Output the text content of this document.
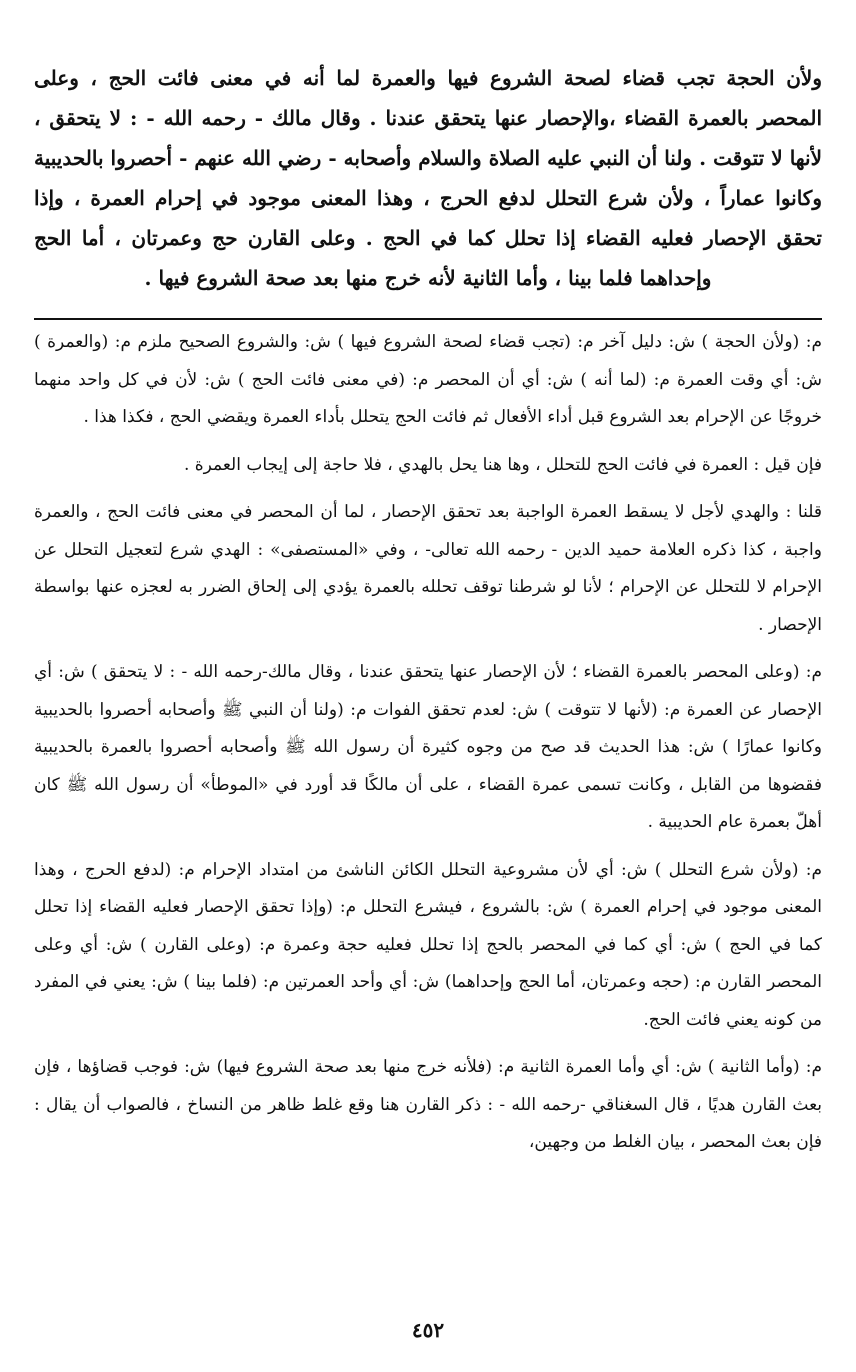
ولأن الحجة تجب قضاء لصحة الشروع فيها والعمرة لما أنه في معنى فائت الحج ، وعلى المحصر بالعمرة القضاء ،والإحصار عنها يتحقق عندنا . وقال مالك - رحمه الله - : لا يتحقق ، لأنها لا تتوقت . ولنا أن النبي عليه الصلاة والسلام وأصحابه - رضي الله عنهم - أحصروا بالحديبية وكانوا عماراً ، ولأن شرع التحلل لدفع الحرج ، وهذا المعنى موجود في إحرام العمرة ، وإذا تحقق الإحصار فعليه القضاء إذا تحلل كما في الحج . وعلى القارن حج وعمرتان ، أما الحج وإحداهما فلما بينا ، وأما الثانية لأنه خرج منها بعد صحة الشروع فيها .

م: (ولأن الحجة ) ش: دليل آخر م: (تجب قضاء لصحة الشروع فيها ) ش: والشروع الصحيح ملزم م: (والعمرة ) ش: أي وقت العمرة م: (لما أنه ) ش: أي أن المحصر م: (في معنى فائت الحج ) ش: لأن في كل واحد منهما خروجًا عن الإحرام بعد الشروع قبل أداء الأفعال ثم فائت الحج يتحلل بأداء العمرة ويقضي الحج ، فكذا هذا .

فإن قيل : العمرة في فائت الحج للتحلل ، وها هنا يحل بالهدي ، فلا حاجة إلى إيجاب العمرة .

قلنا : والهدي لأجل لا يسقط العمرة الواجبة بعد تحقق الإحصار ، لما أن المحصر في معنى فائت الحج ، والعمرة واجبة ، كذا ذكره العلامة حميد الدين - رحمه الله تعالى- ، وفي «المستصفى» : الهدي شرع لتعجيل التحلل عن الإحرام لا للتحلل عن الإحرام ؛ لأنا لو شرطنا توقف تحلله بالعمرة يؤدي إلى إلحاق الضرر به لعجزه عنها بواسطة الإحصار .

م: (وعلى المحصر بالعمرة القضاء ؛ لأن الإحصار عنها يتحقق عندنا ، وقال مالك-رحمه الله - : لا يتحقق ) ش: أي الإحصار عن العمرة م: (لأنها لا تتوقت ) ش: لعدم تحقق الفوات م: (ولنا أن النبي ﷺ وأصحابه أحصروا بالحديبية وكانوا عمارًا ) ش: هذا الحديث قد صح من وجوه كثيرة أن رسول الله ﷺ وأصحابه أحصروا بالعمرة بالحديبية فقضوها من القابل ، وكانت تسمى عمرة القضاء ، على أن مالكًا قد أورد في «الموطأ» أن رسول الله ﷺ كان أهلّ بعمرة عام الحديبية .

م: (ولأن شرع التحلل ) ش: أي لأن مشروعية التحلل الكائن الناشئ من امتداد الإحرام م: (لدفع الحرج ، وهذا المعنى موجود في إحرام العمرة ) ش: بالشروع ، فيشرع التحلل م: (وإذا تحقق الإحصار فعليه القضاء إذا تحلل كما في الحج ) ش: أي كما في المحصر بالحج إذا تحلل فعليه حجة وعمرة م: (وعلى القارن ) ش: أي وعلى المحصر القارن م: (حجه وعمرتان، أما الحج وإحداهما) ش: أي وأحد العمرتين م: (فلما بينا ) ش: يعني في المفرد من كونه يعني فائت الحج.

م: (وأما الثانية ) ش: أي وأما العمرة الثانية م: (فلأنه خرج منها بعد صحة الشروع فيها) ش: فوجب قضاؤها ، فإن بعث القارن هديًا ، قال السغناقي -رحمه الله - : ذكر القارن هنا وقع غلط ظاهر من النساخ ، فالصواب أن يقال : فإن بعث المحصر ، بيان الغلط من وجهين،

٤٥٢
